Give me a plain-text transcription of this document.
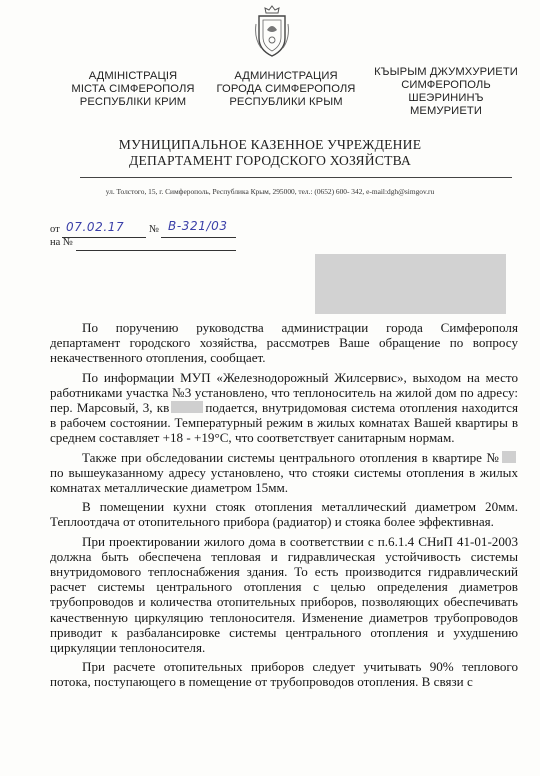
АДМІНІСТРАЦІЯ
МІСТА СІМФЕРОПОЛЯ
РЕСПУБЛІКИ КРИМ
АДМИНИСТРАЦИЯ
ГОРОДА СИМФЕРОПОЛЯ
РЕСПУБЛИКИ КРЫМ
КЪЫРЫМ ДЖУМХУРИЕТИ
СИМФЕРОПОЛЬ
ШЕЭРИНИНЪ
МЕМУРИЕТИ
МУНИЦИПАЛЬНОЕ КАЗЕННОЕ УЧРЕЖДЕНИЕ
ДЕПАРТАМЕНТ ГОРОДСКОГО ХОЗЯЙСТВА
ул. Толстого, 15, г. Симферополь, Республика Крым, 295000, тел.: (0652) 600- 342, e-mail:dgh@simgov.ru
от 07.02.17 № В-321/03
на №

По поручению руководства администрации города Симферополя департамент городского хозяйства, рассмотрев Ваше обращение по вопросу некачественного отопления, сообщает.

По информации МУП «Железнодорожный Жилсервис», выходом на место работниками участка №3 установлено, что теплоноситель на жилой дом по адресу: пер. Марсовый, 3, кв	подается, внутридомовая система отопления находится в рабочем состоянии. Температурный режим в жилых комнатах Вашей квартиры в среднем составляет +18 - +19°С, что соответствует санитарным нормам.

Также при обследовании системы центрального отопления в квартире №по вышеуказанному адресу установлено, что стояки системы отопления в жилых комнатах металлические диаметром 15мм.

В помещении кухни стояк отопления металлический диаметром 20мм. Теплоотдача от отопительного прибора (радиатор) и стояка более эффективная.

При проектировании жилого дома в соответствии с п.6.1.4 СНиП 41-01-2003 должна быть обеспечена тепловая и гидравлическая устойчивость системы внутридомового теплоснабжения здания. То есть производится гидравлический расчет системы центрального отопления с целью определения диаметров трубопроводов и количества отопительных приборов, позволяющих обеспечивать качественную циркуляцию теплоносителя. Изменение диаметров трубопроводов приводит к разбалансировке системы центрального отопления и ухудшению циркуляции теплоносителя.

При расчете отопительных приборов следует учитывать 90% теплового потока, поступающего в помещение от трубопроводов отопления. В связи с
